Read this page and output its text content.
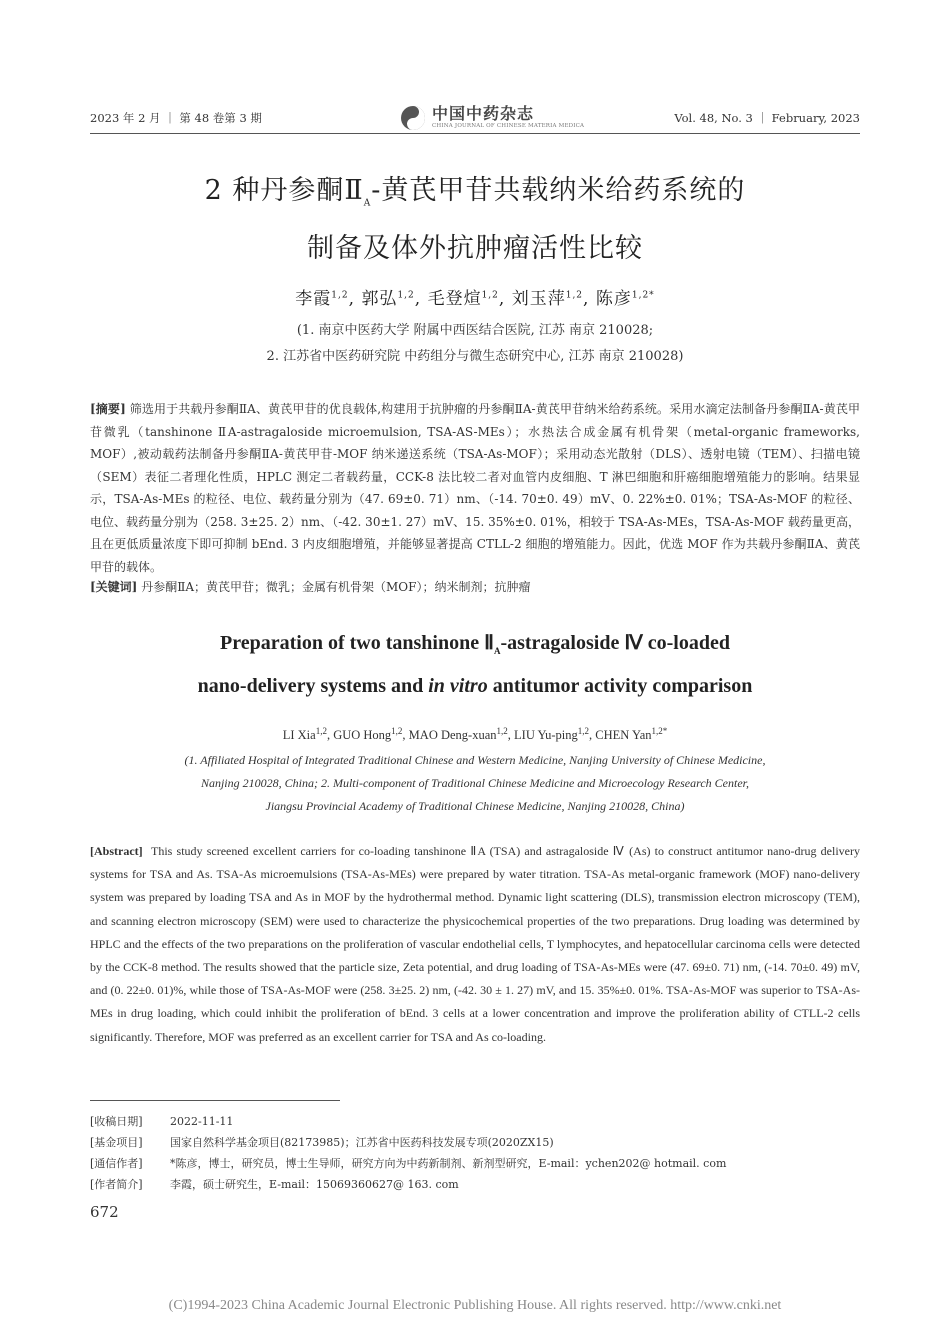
2023 年 2 月 ｜ 第 48 卷第 3 期	中国中药杂志
CHINA JOURNAL OF CHINESE MATERIA MEDICA
Vol. 48, No. 3 ｜ February, 2023
2 种丹参酮$Ⅱ_A-$黄芪甲苷共载纳米给药系统的
制备及体外抗肿瘤活性比较
李霞$^{1,2}$, 郭弘$^{1,2}$, 毛登煊$^{1,2}$, 刘玉萍$^{1,2}$, 陈彦$^{1,2*}$
(1. 南京中医药大学 附属中西医结合医院, 江苏 南京 210028;
2. 江苏省中医药研究院 中药组分与微生态研究中心, 江苏 南京 210028)
[摘要] 筛选用于共载丹参酮ⅡA、黄芪甲苷的优良载体,构建用于抗肿瘤的丹参酮ⅡA-黄芪甲苷纳米给药系统。采用水滴定法制备丹参酮ⅡA-黄芪甲苷微乳（tanshinone ⅡA-astragaloside microemulsion, TSA-AS-MEs）；水热法合成金属有机骨架（metal-organic frameworks, MOF）,被动载药法制备丹参酮ⅡA-黄芪甲苷-MOF 纳米递送系统（TSA-As-MOF）；采用动态光散射（DLS）、透射电镜（TEM）、扫描电镜（SEM）表征二者理化性质，HPLC 测定二者载药量，CCK-8 法比较二者对血管内皮细胞、T 淋巴细胞和肝癌细胞增殖能力的影响。结果显示，TSA-As-MEs 的粒径、电位、载药量分别为（47. 69±0. 71）nm、（-14. 70±0. 49）mV、0. 22%±0. 01%；TSA-As-MOF 的粒径、电位、载药量分别为（258. 3±25. 2）nm、（-42. 30±1. 27）mV、15. 35%±0. 01%，相较于 TSA-As-MEs，TSA-As-MOF 载药量更高，且在更低质量浓度下即可抑制 bEnd. 3 内皮细胞增殖，并能够显著提高 CTLL-2 细胞的增殖能力。因此，优选 MOF 作为共载丹参酮ⅡA、黄芪甲苷的载体。
[关键词] 丹参酮ⅡA；黄芪甲苷；微乳；金属有机骨架（MOF）；纳米制剂；抗肿瘤
Preparation of two tanshinone $Ⅱ_A$-astragaloside Ⅳ co-loaded
nano-delivery systems and in vitro antitumor activity comparison
LI Xia$^{1,2}$, GUO Hong$^{1,2}$, MAO Deng-xuan$^{1,2}$, LIU Yu-ping$^{1,2}$, CHEN Yan$^{1,2*}$
(1. Affiliated Hospital of Integrated Traditional Chinese and Western Medicine, Nanjing University of Chinese Medicine,
Nanjing 210028, China; 2. Multi-component of Traditional Chinese Medicine and Microecology Research Center,
Jiangsu Provincial Academy of Traditional Chinese Medicine, Nanjing 210028, China)
[Abstract] This study screened excellent carriers for co-loading tanshinone ⅡA (TSA) and astragaloside Ⅳ (As) to construct antitumor nano-drug delivery systems for TSA and As. TSA-As microemulsions (TSA-As-MEs) were prepared by water titration. TSA-As metal-organic framework (MOF) nano-delivery system was prepared by loading TSA and As in MOF by the hydrothermal method. Dynamic light scattering (DLS), transmission electron microscopy (TEM), and scanning electron microscopy (SEM) were used to characterize the physicochemical properties of the two preparations. Drug loading was determined by HPLC and the effects of the two preparations on the proliferation of vascular endothelial cells, T lymphocytes, and hepatocellular carcinoma cells were detected by the CCK-8 method. The results showed that the particle size, Zeta potential, and drug loading of TSA-As-MEs were (47. 69±0. 71) nm, (-14. 70±0. 49) mV, and (0. 22±0. 01)%, while those of TSA-As-MOF were (258. 3±25. 2) nm, (-42. 30 ± 1. 27) mV, and 15. 35%±0. 01%. TSA-As-MOF was superior to TSA-As-MEs in drug loading, which could inhibit the proliferation of bEnd. 3 cells at a lower concentration and improve the proliferation ability of CTLL-2 cells significantly. Therefore, MOF was preferred as an excellent carrier for TSA and As co-loading.
[收稿日期]	2022-11-11
[基金项目]	国家自然科学基金项目(82173985)；江苏省中医药科技发展专项(2020ZX15)
[通信作者]	*陈彦，博士，研究员，博士生导师，研究方向为中药新制剂、新剂型研究，E-mail：ychen202@ hotmail. com
[作者简介]	李霞，硕士研究生，E-mail：15069360627@ 163. com
672
(C)1994-2023 China Academic Journal Electronic Publishing House. All rights reserved. http://www.cnki.net
